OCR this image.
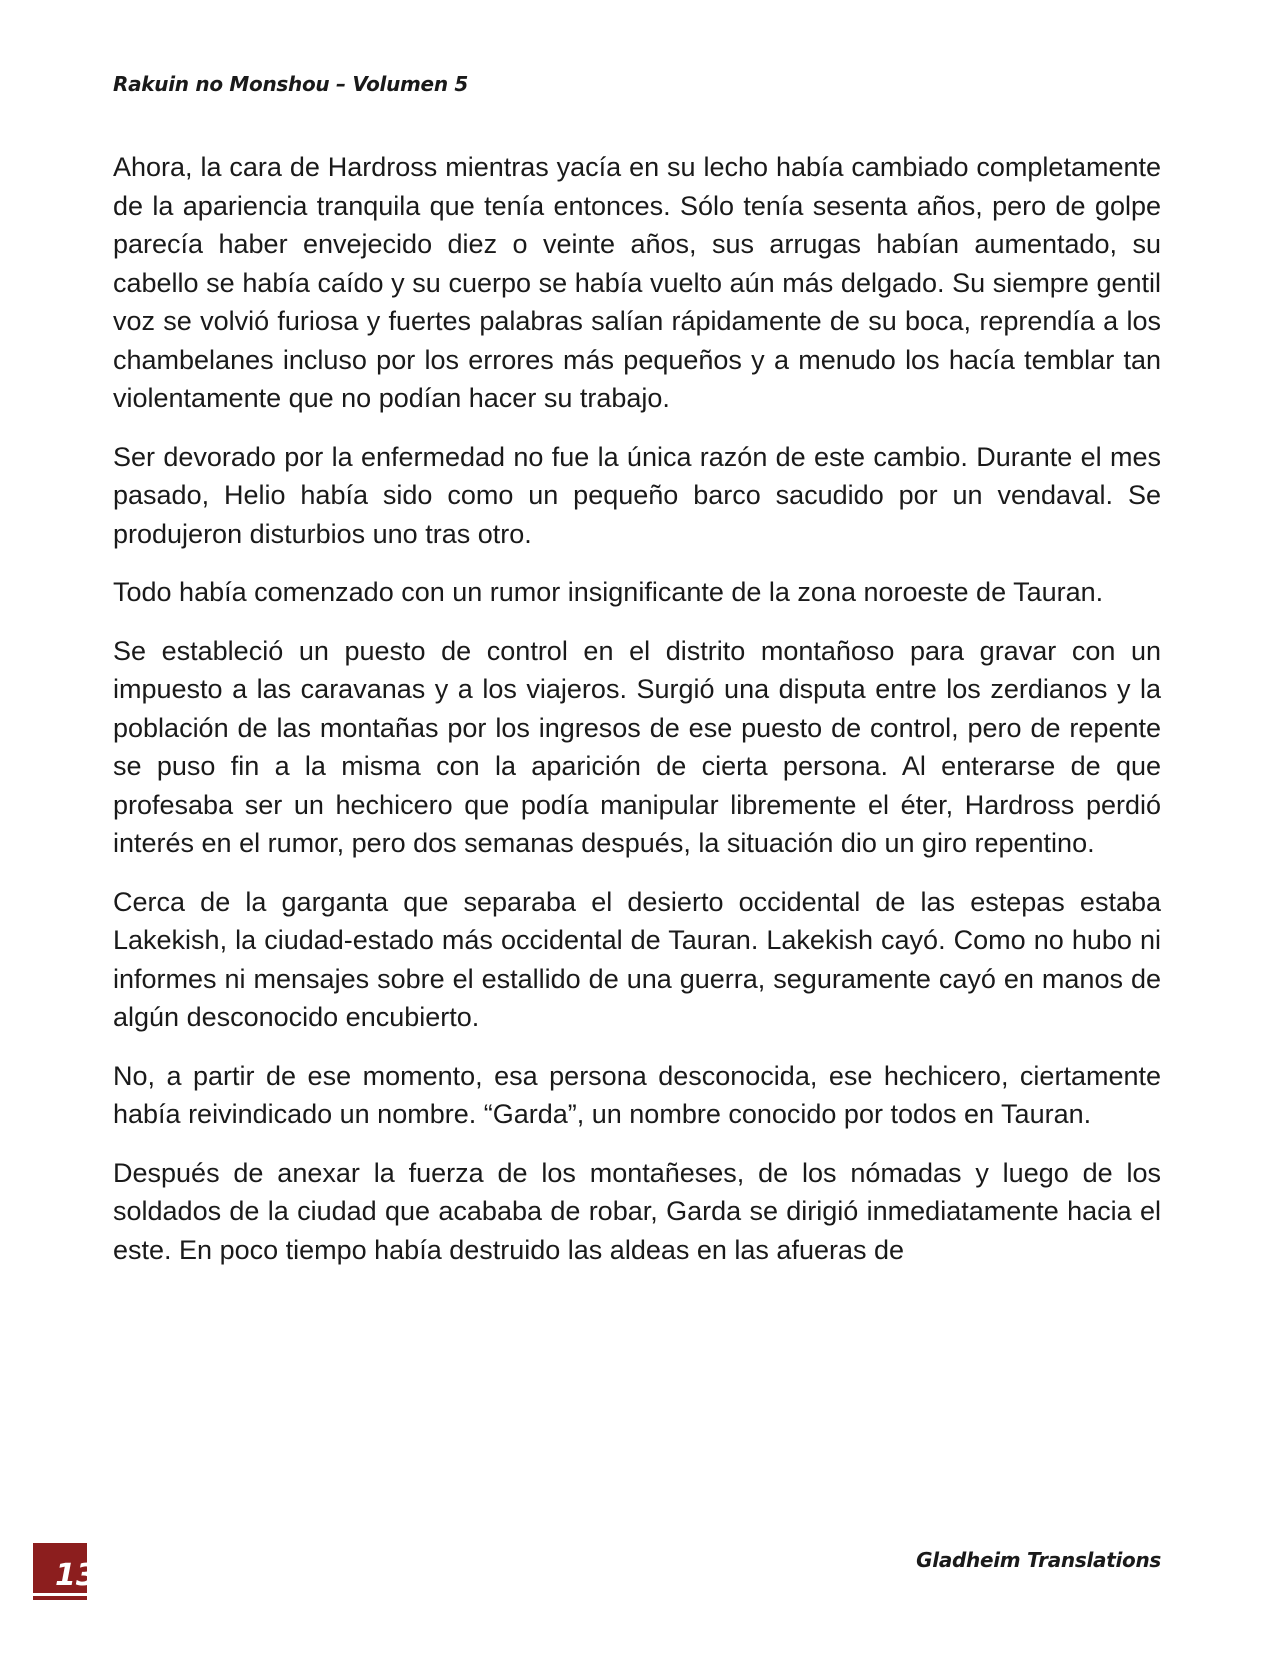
Rakuin no Monshou – Volumen 5

Ahora, la cara de Hardross mientras yacía en su lecho había cambiado completamente de la apariencia tranquila que tenía entonces. Sólo tenía sesenta años, pero de golpe parecía haber envejecido diez o veinte años, sus arrugas habían aumentado, su cabello se había caído y su cuerpo se había vuelto aún más delgado. Su siempre gentil voz se volvió furiosa y fuertes palabras salían rápidamente de su boca, reprendía a los chambelanes incluso por los errores más pequeños y a menudo los hacía temblar tan violentamente que no podían hacer su trabajo.

Ser devorado por la enfermedad no fue la única razón de este cambio. Durante el mes pasado, Helio había sido como un pequeño barco sacudido por un vendaval. Se produjeron disturbios uno tras otro.

Todo había comenzado con un rumor insignificante de la zona noroeste de Tauran.

Se estableció un puesto de control en el distrito montañoso para gravar con un impuesto a las caravanas y a los viajeros. Surgió una disputa entre los zerdianos y la población de las montañas por los ingresos de ese puesto de control, pero de repente se puso fin a la misma con la aparición de cierta persona. Al enterarse de que profesaba ser un hechicero que podía manipular libremente el éter, Hardross perdió interés en el rumor, pero dos semanas después, la situación dio un giro repentino.

Cerca de la garganta que separaba el desierto occidental de las estepas estaba Lakekish, la ciudad-estado más occidental de Tauran. Lakekish cayó. Como no hubo ni informes ni mensajes sobre el estallido de una guerra, seguramente cayó en manos de algún desconocido encubierto.

No, a partir de ese momento, esa persona desconocida, ese hechicero, ciertamente había reivindicado un nombre. “Garda”, un nombre conocido por todos en Tauran.

Después de anexar la fuerza de los montañeses, de los nómadas y luego de los soldados de la ciudad que acababa de robar, Garda se dirigió inmediatamente hacia el este. En poco tiempo había destruido las aldeas en las afueras de

13	Gladheim Translations
